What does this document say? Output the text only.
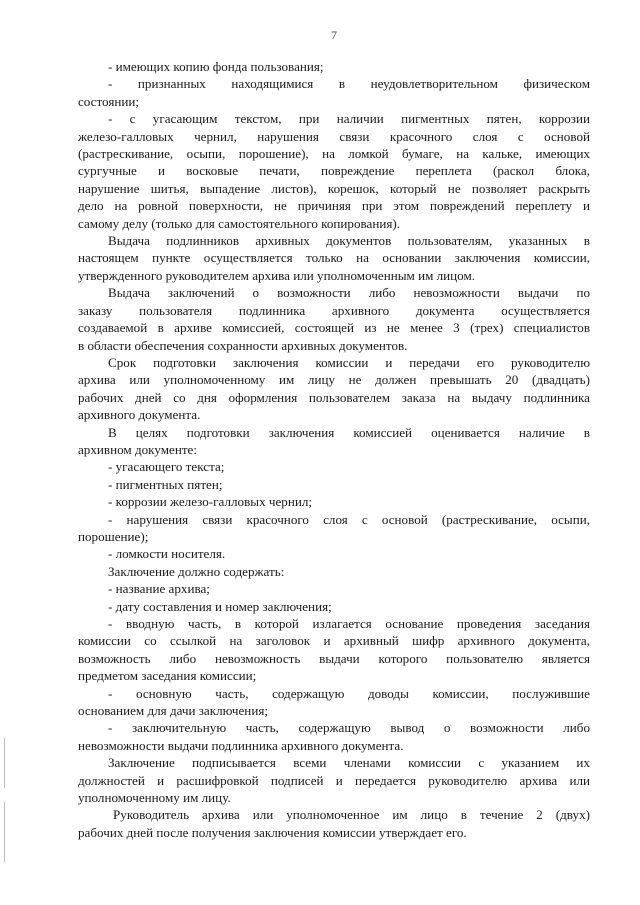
7

- имеющих копию фонда пользования;

- признанных находящимися в неудовлетворительном физическом

состоянии;

- с угасающим текстом, при наличии пигментных пятен, коррозии

железо-галловых чернил, нарушения связи красочного слоя с основой

(растрескивание, осыпи, порошение), на ломкой бумаге, на кальке, имеющих

сургучные и восковые печати, повреждение переплета (раскол блока,

нарушение шитья, выпадение листов), корешок, который не позволяет раскрыть

дело на ровной поверхности, не причиняя при этом повреждений переплету и

самому делу (только для самостоятельного копирования).

Выдача подлинников архивных документов пользователям, указанных в

настоящем пункте осуществляется только на основании заключения комиссии,

утвержденного руководителем архива или уполномоченным им лицом.

Выдача заключений о возможности либо невозможности выдачи по

заказу пользователя подлинника архивного документа осуществляется

создаваемой в архиве комиссией, состоящей из не менее 3 (трех) специалистов

в области обеспечения сохранности архивных документов.

Срок подготовки заключения комиссии и передачи его руководителю

архива или уполномоченному им лицу не должен превышать 20 (двадцать)

рабочих дней со дня оформления пользователем заказа на выдачу подлинника

архивного документа.

В целях подготовки заключения комиссией оценивается наличие в

архивном документе:

- угасающего текста;

- пигментных пятен;

- коррозии железо-галловых чернил;

- нарушения связи красочного слоя с основой (растрескивание, осыпи,

порошение);

- ломкости носителя.

Заключение должно содержать:

- название архива;

- дату составления и номер заключения;

- вводную часть, в которой излагается основание проведения заседания

комиссии со ссылкой на заголовок и архивный шифр архивного документа,

возможность либо невозможность выдачи которого пользователю является

предметом заседания комиссии;

- основную часть, содержащую доводы комиссии, послужившие

основанием для дачи заключения;

- заключительную часть, содержащую вывод о возможности либо

невозможности выдачи подлинника архивного документа.

Заключение подписывается всеми членами комиссии с указанием их

должностей и расшифровкой подписей и передается руководителю архива или

уполномоченному им лицу.

Руководитель архива или уполномоченное им лицо в течение 2 (двух)

рабочих дней после получения заключения комиссии утверждает его.
